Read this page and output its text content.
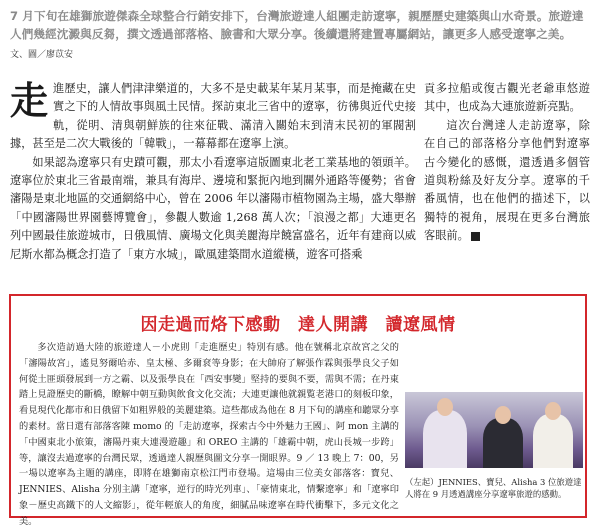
7 月下旬在雄獅旅遊傑森全球整合行銷安排下，台灣旅遊達人組團走訪遼寧，親歷歷史建築與山水奇景。旅遊達人們幾經沈澱與反芻，撰文透過部落格、臉書和大眾分享。後續還將建置專屬網站，讓更多人感受遼寧之美。
文、圖／廖苡安

走進歷史，讓人們津津樂道的，大多不是史載某年某月某事，而是掩藏在史實之下的人情故事與風土民情。探訪東北三省中的遼寧，彷彿與近代史接軌，從明、清與朝鮮族的往來征戰、滿清入關始末到清末民初的軍閥割據，甚至是二次大戰後的「韓戰」，一幕幕都在遼寧上演。

如果認為遼寧只有史蹟可觀，那太小看遼寧這版圖東北老工業基地的領頭羊。遼寧位於東北三省最南端，兼具有海岸、邊境和緊扼內地到關外通路等優勢；省會瀋陽是東北地區的交通網絡中心，曾在 2006 年以瀋陽市植物園為主場，盛大舉辦「中國瀋陽世界園藝博覽會」，參觀人數逾 1,268 萬人次；「浪漫之都」大連更名列中國最佳旅遊城市，日俄風情、廣場文化與美麗海岸饒富盛名，近年有建商以威尼斯水都為概念打造了「東方水城」，歐風建築間水道縱橫，遊客可搭乘

貢多拉船或復古觀光老爺車悠遊其中，也成為大連旅遊新亮點。

這次台灣達人走訪遼寧，除在自己的部落格分享他們對遼寧古今變化的感慨，還透過多個管道與粉絲及好友分享。遼寧的千番風情，也在他們的描述下，以獨特的視角，展現在更多台灣旅客眼前。	图

因走過而烙下感動　達人開講　讀遼風情
多次造訪過大陸的旅遊達人－小虎則「走進歷史」特別有感。他在號稱北京故宮之父的「瀋陽故宮」，遙見努爾哈赤、皇太極、多爾袞等身影；在大帥府了解張作霖與張學良父子如何從土匪頭發展到一方之霸、以及張學良在「西安事變」堅持的要與不要，需與不需；在丹東踏上見證歷史的斷橋，瞭解中朝互動與飲食文化交流；大連更讓他就親覧老港口的刻板印象，看見現代化都市和日俄留下如粗界般的美麗建築。這些都成為他在 8 月下旬的講座和聽眾分享的素材。當日還有部落客陳 momo 的「走訪遼寧，探索古今中外魅力王國」、阿 mon 主講的「中國東北小旅策，瀋陽丹東大連漫遊趣」和 OREO 主講的「雄霸中朝，虎山長城一步跨」等，讓沒去過遼寧的台灣民眾，透過達人親歷與圖文分享一開眼界。9 ／ 13 晚上 7：00，另一場以遼寧為主題的講座，即將在雄獅南京松江門市登場。這場由三位美女部落客：寶兒、JENNIES、Alisha 分別主講「遼寧，逆行的時光列車」、「豪情東北，情繫遼寧」和「遼寧印象－歷史高鐵下的人文縮影」，從年輕旅人的角度，細膩品味遼寧在時代衝擊下，多元文化之美。
（左起）JENNIES、寶兒、Alisha 3 位旅遊達人將在 9 月透過講座分享遼寧旅遊的感動。
